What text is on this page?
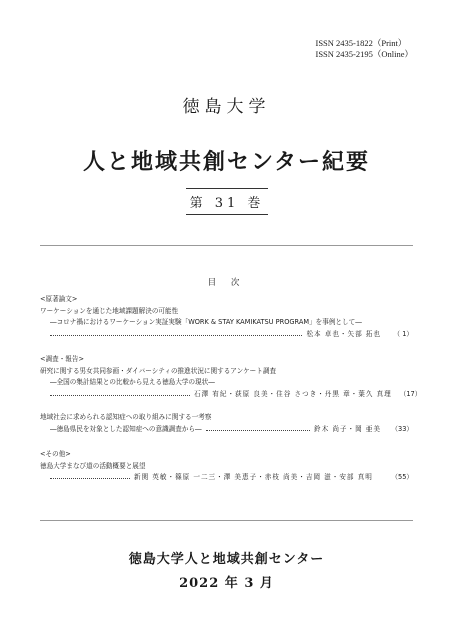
ISSN 2435-1822（Print）
ISSN 2435-2195（Online）
徳島大学
人と地域共創センター紀要
第 31 巻
目 次
<原著論文>
ワーケーションを通じた地域課題解決の可能性
―コロナ禍におけるワーケーション実証実験「WORK & STAY KAMIKATSU PROGRAM」を事例として―
松本 卓也・矢部 拓也	（ 1）
<調査・報告>
研究に関する男女共同参画・ダイバーシティの推進状況に関するアンケート調査
―全国の集計結果との比較から見える徳島大学の現状―
石澤 宥紀・荻原 良美・住谷 さつき・丹黒 章・葉久 真理 （17）
地域社会に求められる認知症への取り組みに関する一考察
―徳島県民を対象とした認知症への意識調査から―	鈴木 尚子・岡 亜美	（33）
<その他>
徳島大学まなび道の活動概要と展望
新関 英敏・篠原 一二三・澤 美恵子・赤枝 尚美・吉岡 滋・安部 真明	（55）
徳島大学人と地域共創センター
2022 年 3 月
